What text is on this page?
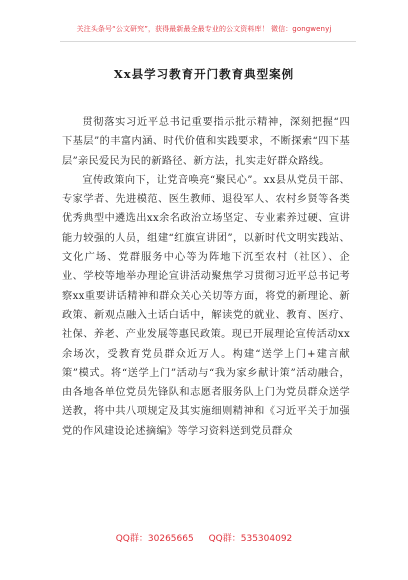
关注头条号“公文研究”，获得最新最全最专业的公文资料库！ 微信：gongwenyj
Xx县学习教育开门教育典型案例

贯彻落实习近平总书记重要指示批示精神，深刻把握“四下基层”的丰富内涵、时代价值和实践要求，不断探索“四下基层”亲民爱民为民的新路径、新方法，扎实走好群众路线。

宣传政策向下，让党音唤亮“聚民心”。xx县从党员干部、专家学者、先进模范、医生教师、退役军人、农村乡贤等各类优秀典型中遴选出xx余名政治立场坚定、专业素养过硬、宣讲能力较强的人员，组建“红旗宣讲团”，以新时代文明实践站、文化广场、党群服务中心等为阵地下沉至农村（社区）、企业、学校等地举办理论宣讲活动聚焦学习贯彻习近平总书记考察xx重要讲话精神和群众关心关切等方面，将党的新理论、新政策、新观点融入土话白话中，解读党的就业、教育、医疗、社保、养老、产业发展等惠民政策。现已开展理论宣传活动xx余场次，受教育党员群众近万人。构建“送学上门+建言献策”模式。将“送学上门”活动与“我为家乡献计策”活动融合，由各地各单位党员先锋队和志愿者服务队上门为党员群众送学送教，将中共八项规定及其实施细则精神和《习近平关于加强党的作风建设论述摘编》等学习资料送到党员群众

QQ群：30265665 QQ群：535304092
